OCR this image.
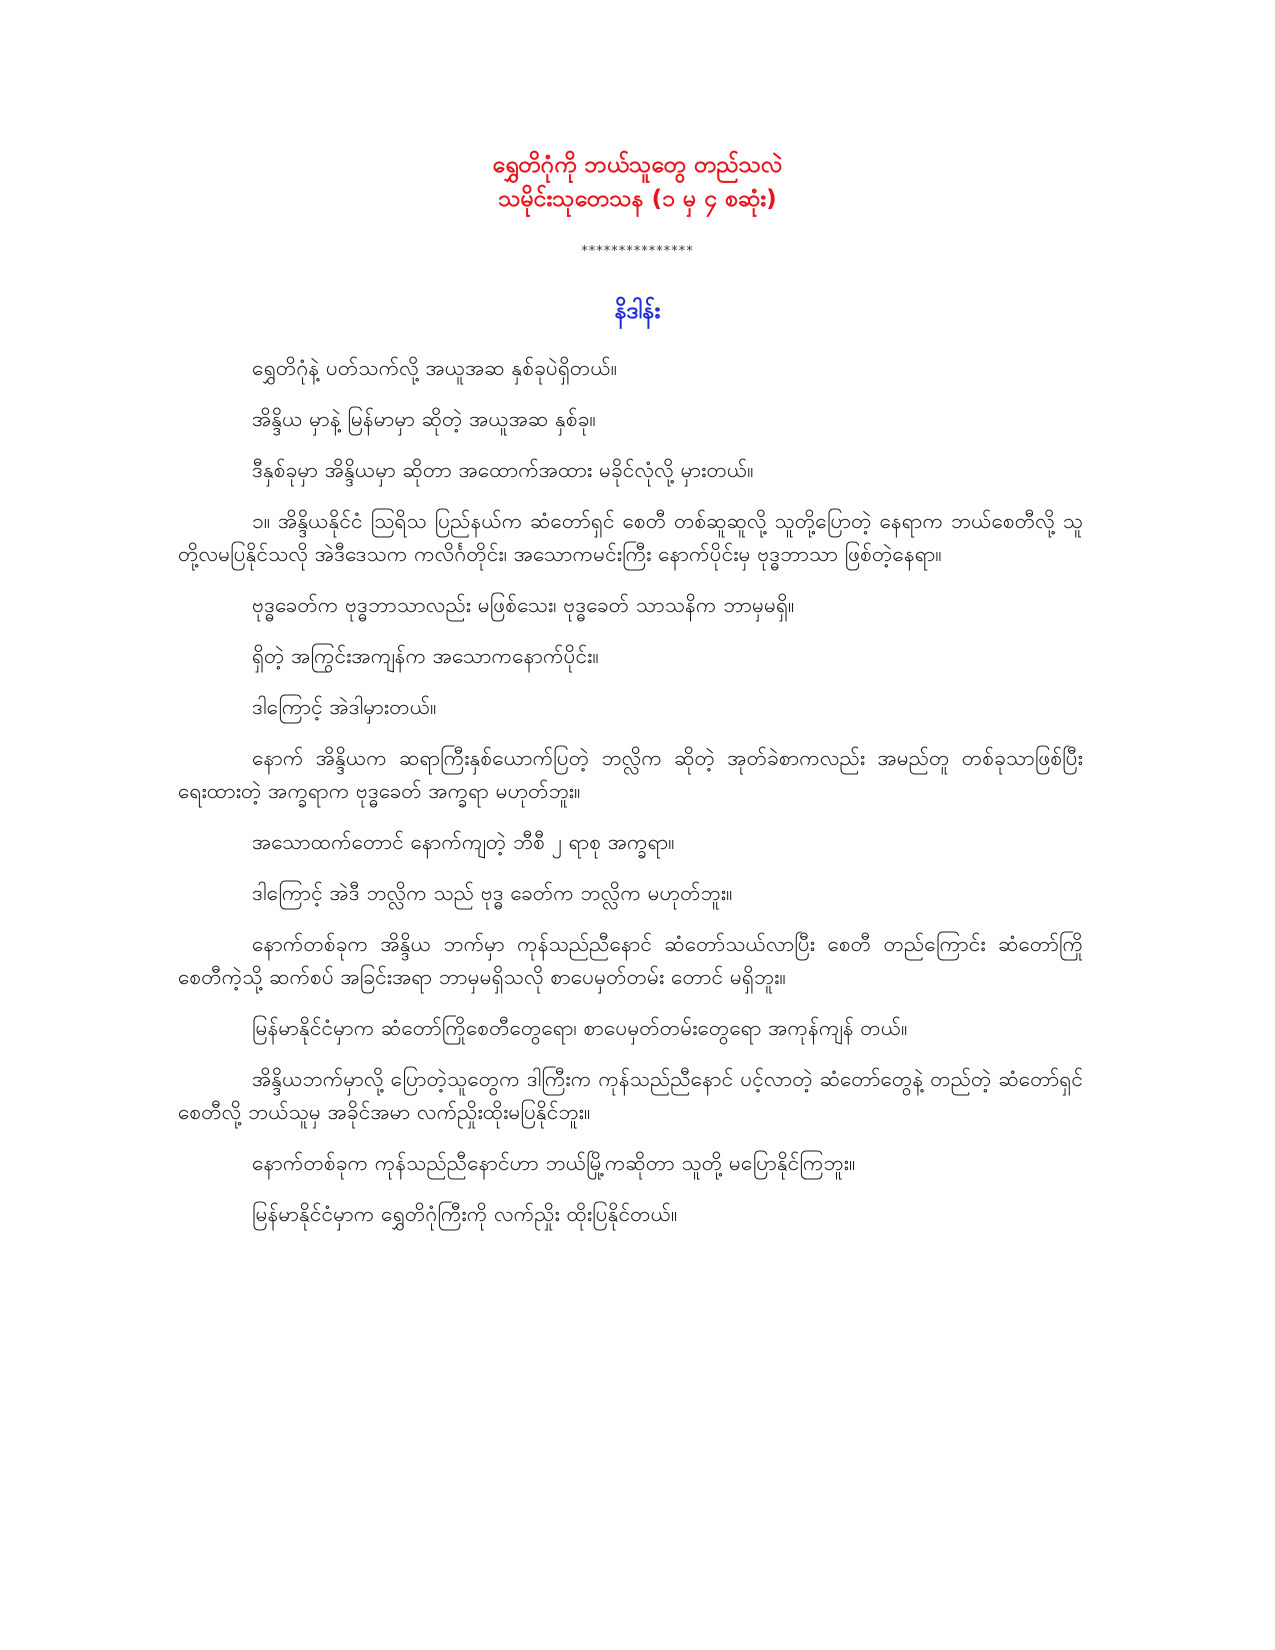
ရွှေတိဂုံကို ဘယ်သူတွေ တည်သလဲ
သမိုင်းသုတေသန (၁ မှ ၄ စဆုံး)
***************
နိဒါန်း

ရွှေတိဂုံနဲ့ ပတ်သက်လို့ အယူအဆ နှစ်ခုပဲရှိတယ်။

အိန္ဒိယ မှာနဲ့ မြန်မာမှာ ဆိုတဲ့ အယူအဆ နှစ်ခု။

ဒီနှစ်ခုမှာ အိန္ဒိယမှာ ဆိုတာ အထောက်အထား မခိုင်လုံလို့ မှားတယ်။

၁။ အိန္ဒိယနိုင်ငံ ဩရိသ ပြည်နယ်က ဆံတော်ရှင် စေတီ တစ်ဆူဆူလို့ သူတို့ပြောတဲ့ နေရာက ဘယ်စေတီလို့ သူတို့လမပြနိုင်သလို အဲဒီဒေသက ကလိင်္ဂတိုင်း၊ အသောကမင်းကြီး နောက်ပိုင်းမှ ဗုဒ္ဓဘာသာ ဖြစ်တဲ့နေရာ။

ဗုဒ္ဓခေတ်က ဗုဒ္ဓဘာသာလည်း မဖြစ်သေး၊ ဗုဒ္ဓခေတ် သာသနိက ဘာမှမရှိ။

ရှိတဲ့ အကြွင်းအကျန်က အသောကနောက်ပိုင်း။

ဒါကြောင့် အဲဒါမှားတယ်။

နောက် အိန္ဒိယက ဆရာကြီးနှစ်ယောက်ပြတဲ့ ဘလ္လိက ဆိုတဲ့ အုတ်ခဲစာကလည်း အမည်တူ တစ်ခုသာဖြစ်ပြီး ရေးထားတဲ့ အက္ခရာက ဗုဒ္ဓခေတ် အက္ခရာ မဟုတ်ဘူး။

အသောထက်တောင် နောက်ကျတဲ့ ဘီစီ ၂ ရာစု အက္ခရာ။

ဒါကြောင့် အဲဒီ ဘလ္လိက သည် ဗုဒ္ဓ ခေတ်က ဘလ္လိက မဟုတ်ဘူး။

နောက်တစ်ခုက အိန္ဒိယ ဘက်မှာ ကုန်သည်ညီနောင် ဆံတော်သယ်လာပြီး စေတီ တည်ကြောင်း ဆံတော်ကြိုစေတီကဲ့သို့ ဆက်စပ် အခြင်းအရာ ဘာမှမရှိသလို စာပေမှတ်တမ်း တောင် မရှိဘူး။

မြန်မာနိုင်ငံမှာက ဆံတော်ကြိုစေတီတွေရော၊ စာပေမှတ်တမ်းတွေရော အကုန်ကျန် တယ်။

အိန္ဒိယဘက်မှာလို့ ပြောတဲ့သူတွေက ဒါကြီးက ကုန်သည်ညီနောင် ပင့်လာတဲ့ ဆံတော်တွေနဲ့ တည်တဲ့ ဆံတော်ရှင်စေတီလို့ ဘယ်သူမှ အခိုင်အမာ လက်ညှိုးထိုးမပြနိုင်ဘူး။

နောက်တစ်ခုက ကုန်သည်ညီနောင်ဟာ ဘယ်မြို့ကဆိုတာ သူတို့ မပြောနိုင်ကြဘူး။

မြန်မာနိုင်ငံမှာက ရွှေတိဂုံကြီးကို လက်ညှိုး ထိုးပြနိုင်တယ်။
